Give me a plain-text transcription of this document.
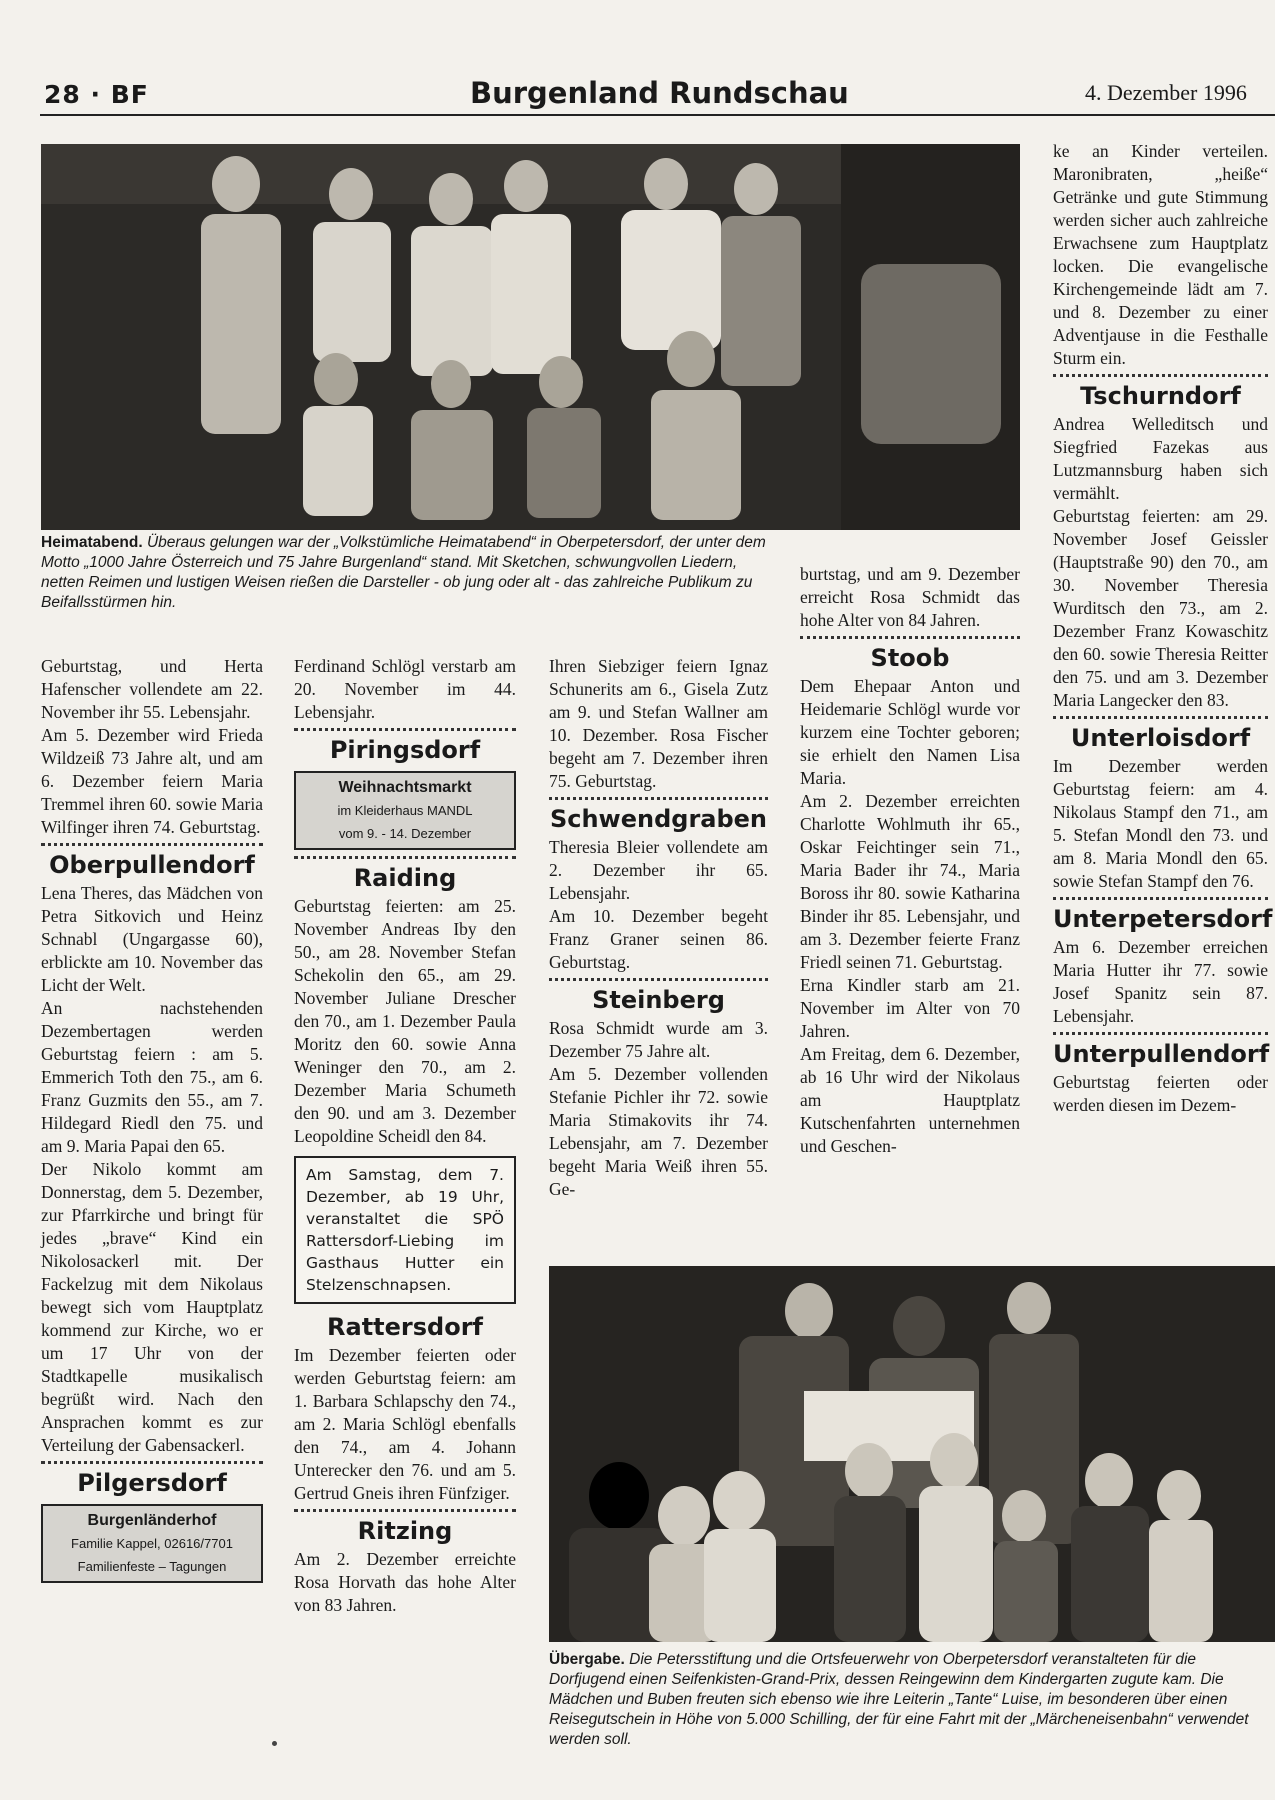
28 · BF	Burgenland Rundschau	4. Dezember 1996
Heimatabend. Überaus gelungen war der „Volkstümliche Heimatabend“ in Oberpetersdorf, der unter dem Motto „1000 Jahre Österreich und 75 Jahre Burgenland“ stand. Mit Sketchen, schwungvollen Liedern, netten Reimen und lustigen Weisen rießen die Darsteller - ob jung oder alt - das zahlreiche Publikum zu Beifallsstürmen hin.

Geburtstag, und Herta Hafenscher vollendete am 22. November ihr 55. Lebensjahr.

Am 5. Dezember wird Frieda Wildzeiß 73 Jahre alt, und am 6. Dezember feiern Maria Tremmel ihren 60. sowie Maria Wilfinger ihren 74. Geburtstag.

Oberpullendorf

Lena Theres, das Mädchen von Petra Sitkovich und Heinz Schnabl (Ungargasse 60), erblickte am 10. November das Licht der Welt.

An nachstehenden Dezembertagen werden Geburtstag feiern : am 5. Emmerich Toth den 75., am 6. Franz Guzmits den 55., am 7. Hildegard Riedl den 75. und am 9. Maria Papai den 65.

Der Nikolo kommt am Donnerstag, dem 5. Dezember, zur Pfarrkirche und bringt für jedes „brave“ Kind ein Nikolosackerl mit. Der Fackelzug mit dem Nikolaus bewegt sich vom Hauptplatz kommend zur Kirche, wo er um 17 Uhr von der Stadtkapelle musikalisch begrüßt wird. Nach den Ansprachen kommt es zur Verteilung der Gabensackerl.

Pilgersdorf
Burgenländerhof
Familie Kappel, 02616/7701
Familienfeste – Tagungen

Ferdinand Schlögl verstarb am 20. November im 44. Lebensjahr.

Piringsdorf
Weihnachtsmarkt
im Kleiderhaus MANDL
vom 9. - 14. Dezember
Raiding

Geburtstag feierten: am 25. November Andreas Iby den 50., am 28. November Stefan Schekolin den 65., am 29. November Juliane Drescher den 70., am 1. Dezember Paula Moritz den 60. sowie Anna Weninger den 70., am 2. Dezember Maria Schumeth den 90. und am 3. Dezember Leopoldine Scheidl den 84.

Am Samstag, dem 7. Dezember, ab 19 Uhr, veranstaltet die SPÖ Rattersdorf-Liebing im Gasthaus Hutter ein Stelzenschnapsen.
Rattersdorf

Im Dezember feierten oder werden Geburtstag feiern: am 1. Barbara Schlapschy den 74., am 2. Maria Schlögl ebenfalls den 74., am 4. Johann Unterecker den 76. und am 5. Gertrud Gneis ihren Fünfziger.

Ritzing

Am 2. Dezember erreichte Rosa Horvath das hohe Alter von 83 Jahren.

Ihren Siebziger feiern Ignaz Schunerits am 6., Gisela Zutz am 9. und Stefan Wallner am 10. Dezember. Rosa Fischer begeht am 7. Dezember ihren 75. Geburtstag.

Schwendgraben

Theresia Bleier vollendete am 2. Dezember ihr 65. Lebensjahr.

Am 10. Dezember begeht Franz Graner seinen 86. Geburtstag.

Steinberg

Rosa Schmidt wurde am 3. Dezember 75 Jahre alt.

Am 5. Dezember vollenden Stefanie Pichler ihr 72. sowie Maria Stimakovits ihr 74. Lebensjahr, am 7. Dezember begeht Maria Weiß ihren 55. Ge-

burtstag, und am 9. Dezember erreicht Rosa Schmidt das hohe Alter von 84 Jahren.

Stoob

Dem Ehepaar Anton und Heidemarie Schlögl wurde vor kurzem eine Tochter geboren; sie erhielt den Namen Lisa Maria.

Am 2. Dezember erreichten Charlotte Wohlmuth ihr 65., Oskar Feichtinger sein 71., Maria Bader ihr 74., Maria Boross ihr 80. sowie Katharina Binder ihr 85. Lebensjahr, und am 3. Dezember feierte Franz Friedl seinen 71. Geburtstag.

Erna Kindler starb am 21. November im Alter von 70 Jahren.

Am Freitag, dem 6. Dezember, ab 16 Uhr wird der Nikolaus am Hauptplatz Kutschenfahrten unternehmen und Geschen-

ke an Kinder verteilen. Maronibraten, „heiße“ Getränke und gute Stimmung werden sicher auch zahlreiche Erwachsene zum Hauptplatz locken. Die evangelische Kirchengemeinde lädt am 7. und 8. Dezember zu einer Adventjause in die Festhalle Sturm ein.

Tschurndorf

Andrea Welleditsch und Siegfried Fazekas aus Lutzmannsburg haben sich vermählt.

Geburtstag feierten: am 29. November Josef Geissler (Hauptstraße 90) den 70., am 30. November Theresia Wurditsch den 73., am 2. Dezember Franz Kowaschitz den 60. sowie Theresia Reitter den 75. und am 3. Dezember Maria Langecker den 83.

Unterloisdorf

Im Dezember werden Geburtstag feiern: am 4. Nikolaus Stampf den 71., am 5. Stefan Mondl den 73. und am 8. Maria Mondl den 65. sowie Stefan Stampf den 76.

Unterpetersdorf

Am 6. Dezember erreichen Maria Hutter ihr 77. sowie Josef Spanitz sein 87. Lebensjahr.

Unterpullendorf

Geburtstag feierten oder werden diesen im Dezem-

Übergabe. Die Petersstiftung und die Ortsfeuerwehr von Oberpetersdorf veranstalteten für die Dorfjugend einen Seifenkisten-Grand-Prix, dessen Reingewinn dem Kindergarten zugute kam. Die Mädchen und Buben freuten sich ebenso wie ihre Leiterin „Tante“ Luise, im besonderen über einen Reisegutschein in Höhe von 5.000 Schilling, der für eine Fahrt mit der „Märcheneisenbahn“ verwendet werden soll.
